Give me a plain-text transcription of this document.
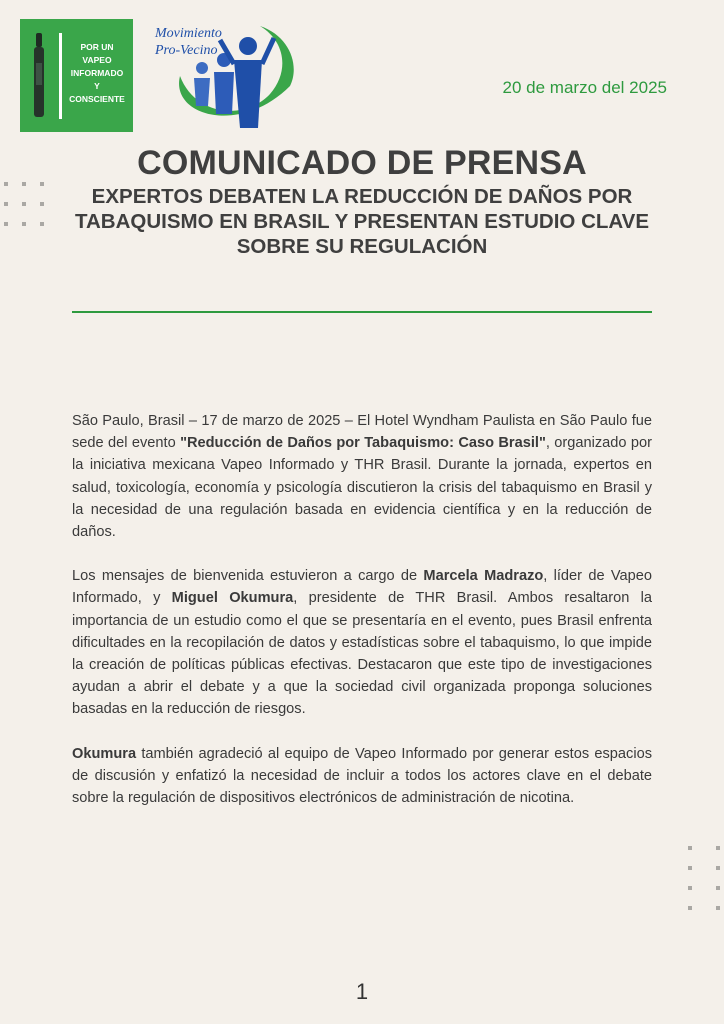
POR UN
VAPEO
INFORMADO
Y
CONSCIENTE
Movimiento
Pro-Vecino
20 de marzo del 2025
COMUNICADO DE PRENSA
EXPERTOS DEBATEN LA REDUCCIÓN DE DAÑOS POR TABAQUISMO EN BRASIL Y PRESENTAN ESTUDIO CLAVE SOBRE SU REGULACIÓN

São Paulo, Brasil – 17 de marzo de 2025 – El Hotel Wyndham Paulista en São Paulo fue sede del evento "Reducción de Daños por Tabaquismo: Caso Brasil", organizado por la iniciativa mexicana Vapeo Informado y THR Brasil. Durante la jornada, expertos en salud, toxicología, economía y psicología discutieron la crisis del tabaquismo en Brasil y la necesidad de una regulación basada en evidencia científica y en la reducción de daños.

Los mensajes de bienvenida estuvieron a cargo de Marcela Madrazo, líder de Vapeo Informado, y Miguel Okumura, presidente de THR Brasil. Ambos resaltaron la importancia de un estudio como el que se presentaría en el evento, pues Brasil enfrenta dificultades en la recopilación de datos y estadísticas sobre el tabaquismo, lo que impide la creación de políticas públicas efectivas. Destacaron que este tipo de investigaciones ayudan a abrir el debate y a que la sociedad civil organizada proponga soluciones basadas en la reducción de riesgos.

Okumura también agradeció al equipo de Vapeo Informado por generar estos espacios de discusión y enfatizó la necesidad de incluir a todos los actores clave en el debate sobre la regulación de dispositivos electrónicos de administración de nicotina.

1
